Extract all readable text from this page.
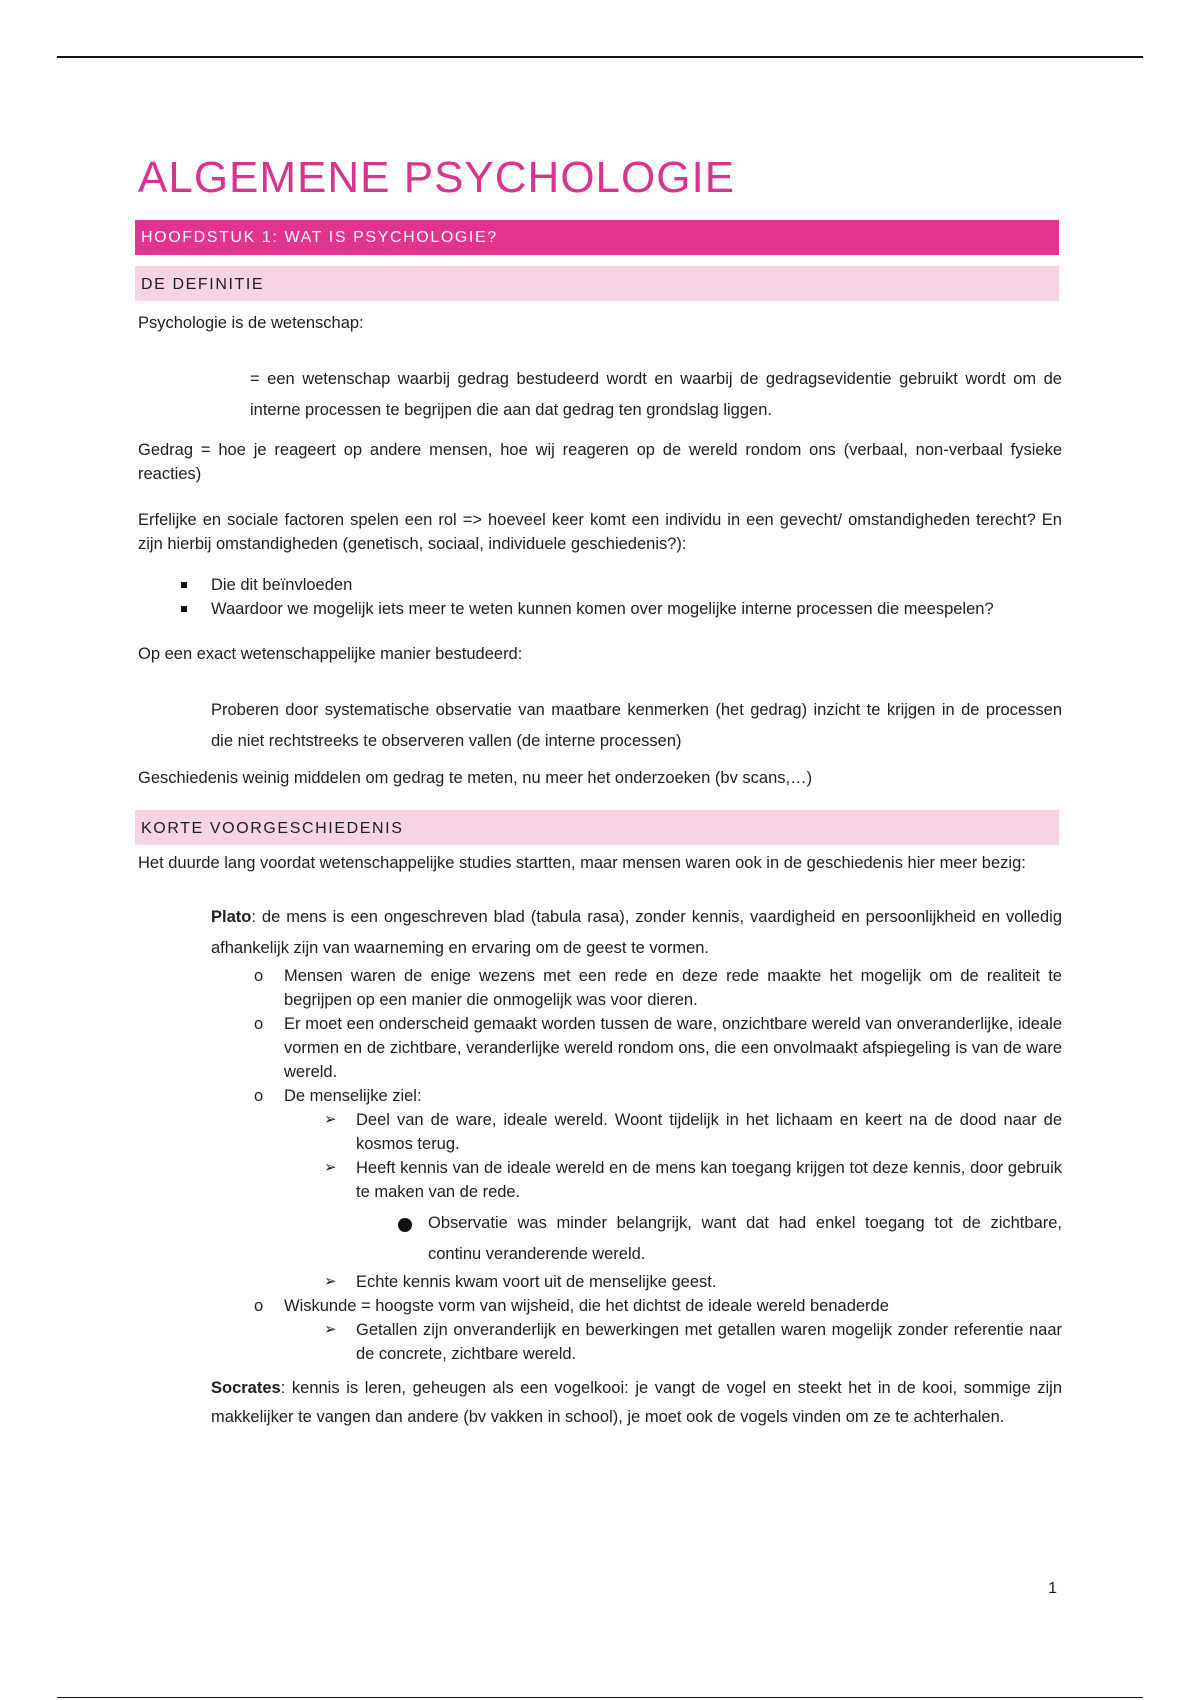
ALGEMENE PSYCHOLOGIE
HOOFDSTUK 1: WAT IS PSYCHOLOGIE?
DE DEFINITIE

Psychologie is de wetenschap:

= een wetenschap waarbij gedrag bestudeerd wordt en waarbij de gedragsevidentie gebruikt wordt om de interne processen te begrijpen die aan dat gedrag ten grondslag liggen.

Gedrag = hoe je reageert op andere mensen, hoe wij reageren op de wereld rondom ons (verbaal, non-verbaal fysieke reacties)

Erfelijke en sociale factoren spelen een rol => hoeveel keer komt een individu in een gevecht/ omstandigheden terecht? En zijn hierbij omstandigheden (genetisch, sociaal, individuele geschiedenis?):

Die dit beïnvloeden
Waardoor we mogelijk iets meer te weten kunnen komen over mogelijke interne processen die meespelen?

Op een exact wetenschappelijke manier bestudeerd:

Proberen door systematische observatie van maatbare kenmerken (het gedrag) inzicht te krijgen in de processen die niet rechtstreeks te observeren vallen (de interne processen)

Geschiedenis weinig middelen om gedrag te meten, nu meer het onderzoeken (bv scans,…)

KORTE VOORGESCHIEDENIS

Het duurde lang voordat wetenschappelijke studies startten, maar mensen waren ook in de geschiedenis hier meer bezig:

Plato: de mens is een ongeschreven blad (tabula rasa), zonder kennis, vaardigheid en persoonlijkheid en volledig afhankelijk zijn van waarneming en ervaring om de geest te vormen.

o Mensen waren de enige wezens met een rede en deze rede maakte het mogelijk om de realiteit te begrijpen op een manier die onmogelijk was voor dieren.
o Er moet een onderscheid gemaakt worden tussen de ware, onzichtbare wereld van onveranderlijke, ideale vormen en de zichtbare, veranderlijke wereld rondom ons, die een onvolmaakt afspiegeling is van de ware wereld.
o De menselijke ziel:
➢ Deel van de ware, ideale wereld. Woont tijdelijk in het lichaam en keert na de dood naar de kosmos terug.
➢ Heeft kennis van de ideale wereld en de mens kan toegang krijgen tot deze kennis, door gebruik te maken van de rede.
Observatie was minder belangrijk, want dat had enkel toegang tot de zichtbare, continu veranderende wereld.
➢ Echte kennis kwam voort uit de menselijke geest.
o Wiskunde = hoogste vorm van wijsheid, die het dichtst de ideale wereld benaderde
➢ Getallen zijn onveranderlijk en bewerkingen met getallen waren mogelijk zonder referentie naar de concrete, zichtbare wereld.

Socrates: kennis is leren, geheugen als een vogelkooi: je vangt de vogel en steekt het in de kooi, sommige zijn makkelijker te vangen dan andere (bv vakken in school), je moet ook de vogels vinden om ze te achterhalen.

1
